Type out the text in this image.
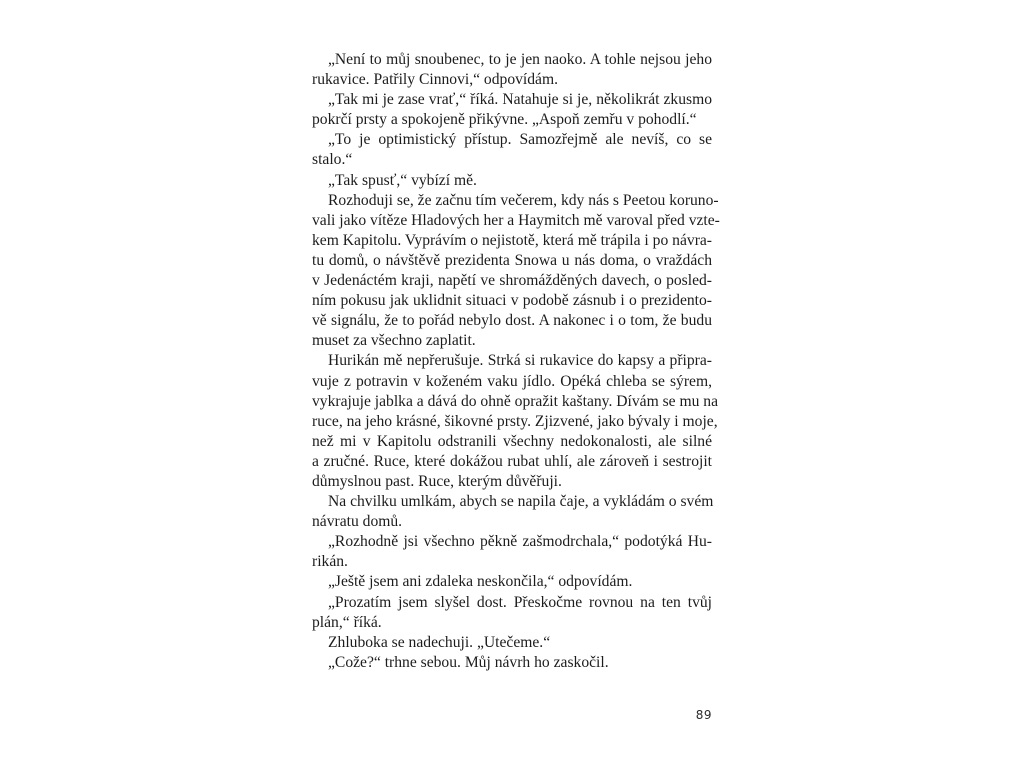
„Není to můj snoubenec, to je jen naoko. A tohle nejsou jeho
rukavice. Patřily Cinnovi,“ odpovídám.
„Tak mi je zase vrať,“ říká. Natahuje si je, několikrát zkusmo
pokrčí prsty a spokojeně přikývne. „Aspoň zemřu v pohodlí.“
„To je optimistický přístup. Samozřejmě ale nevíš, co se
stalo.“
„Tak spusť,“ vybízí mě.
Rozhoduji se, že začnu tím večerem, kdy nás s Peetou koruno-
vali jako vítěze Hladových her a Haymitch mě varoval před vzte-
kem Kapitolu. Vyprávím o nejistotě, která mě trápila i po návra-
tu domů, o návštěvě prezidenta Snowa u nás doma, o vraždách
v Jedenáctém kraji, napětí ve shromážděných davech, o posled-
ním pokusu jak uklidnit situaci v podobě zásnub i o prezidento-
vě signálu, že to pořád nebylo dost. A nakonec i o tom, že budu
muset za všechno zaplatit.
Hurikán mě nepřerušuje. Strká si rukavice do kapsy a připra-
vuje z potravin v koženém vaku jídlo. Opéká chleba se sýrem,
vykrajuje jablka a dává do ohně opražit kaštany. Dívám se mu na
ruce, na jeho krásné, šikovné prsty. Zjizvené, jako bývaly i moje,
než mi v Kapitolu odstranili všechny nedokonalosti, ale silné
a zručné. Ruce, které dokážou rubat uhlí, ale zároveň i sestrojit
důmyslnou past. Ruce, kterým důvěřuji.
Na chvilku umlkám, abych se napila čaje, a vykládám o svém
návratu domů.
„Rozhodně jsi všechno pěkně zašmodrchala,“ podotýká Hu-
rikán.
„Ještě jsem ani zdaleka neskončila,“ odpovídám.
„Prozatím jsem slyšel dost. Přeskočme rovnou na ten tvůj
plán,“ říká.
Zhluboka se nadechuji. „Utečeme.“
„Cože?“ trhne sebou. Můj návrh ho zaskočil.
89
